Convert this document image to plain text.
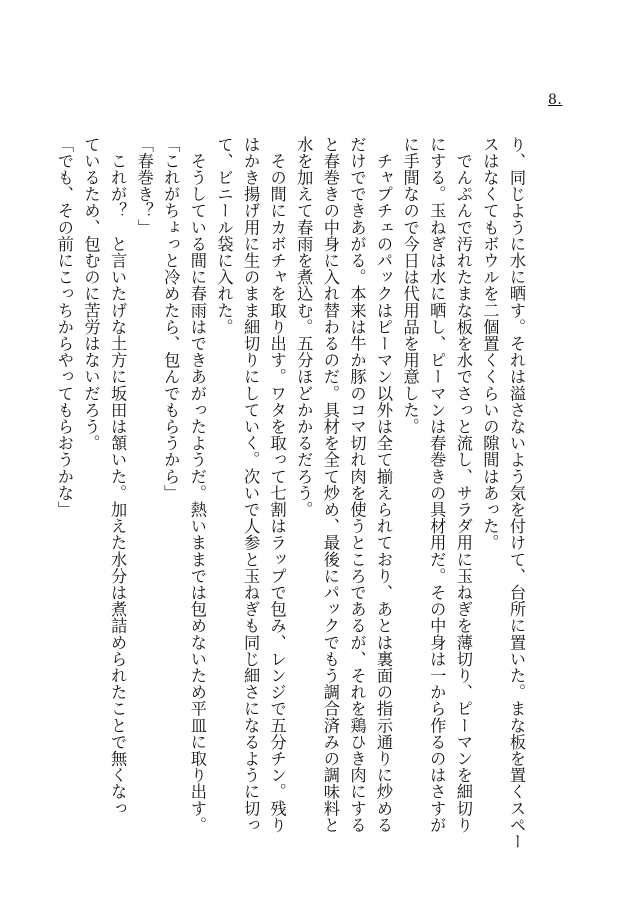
8.
り、同じように水に晒す。それは溢さないよう気を付けて、台所に置いた。まな板を置くスペー
スはなくてもボウルを二個置くくらいの隙間はあった。
　でんぷんで汚れたまな板を水でさっと流し、サラダ用に玉ねぎを薄切り、ピーマンを細切り
にする。玉ねぎは水に晒し、ピーマンは春巻きの具材用だ。その中身は一から作るのはさすが
に手間なので今日は代用品を用意した。
　チャプチェのパックはピーマン以外は全て揃えられており、あとは裏面の指示通りに炒める
だけでできあがる。本来は牛か豚のコマ切れ肉を使うところであるが、それを鶏ひき肉にする
と春巻きの中身に入れ替わるのだ。具材を全て炒め、最後にパックでもう調合済みの調味料と
水を加えて春雨を煮込む。五分ほどかかるだろう。
　その間にカボチャを取り出す。ワタを取って七割はラップで包み、レンジで五分チン。残り
はかき揚げ用に生のまま細切りにしていく。次いで人参と玉ねぎも同じ細さになるように切っ
て、ビニール袋に入れた。
　そうしている間に春雨はできあがったようだ。熱いままでは包めないため平皿に取り出す。
「これがちょっと冷めたら、包んでもらうから」
「春巻き？」
　これが？　と言いたげな土方に坂田は頷いた。加えた水分は煮詰められたことで無くなっ
ているため、包むのに苦労はないだろう。
「でも、その前にこっちからやってもらおうかな」
